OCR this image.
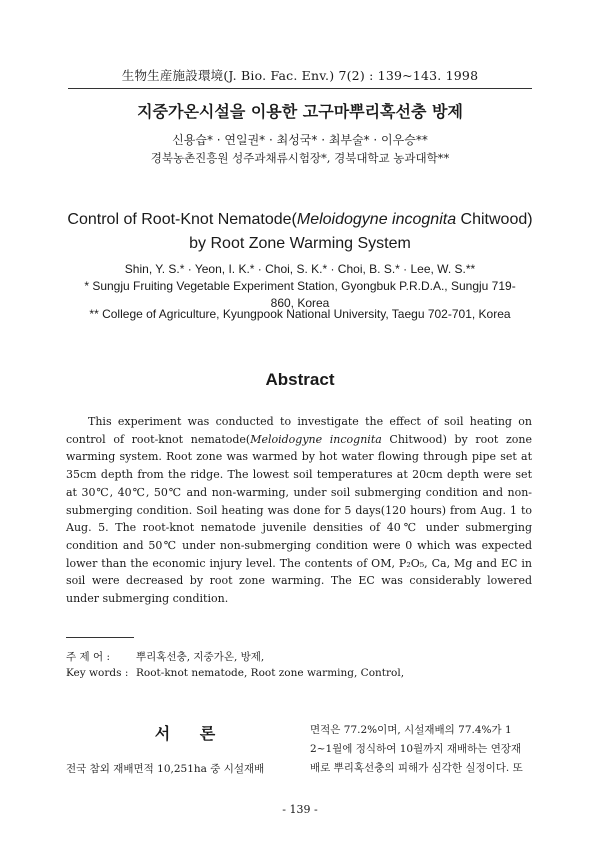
生物生産施設環境(J. Bio. Fac. Env.) 7(2) : 139~143. 1998
지중가온시설을 이용한 고구마뿌리혹선충 방제
신용습* · 연일권* · 최성국* · 최부술* · 이우승**
경북농촌진흥원 성주과채류시험장*, 경북대학교 농과대학**
Control of Root-Knot Nematode(Meloidogyne incognita Chitwood)
by Root Zone Warming System
Shin, Y. S.* · Yeon, I. K.* · Choi, S. K.* · Choi, B. S.* · Lee, W. S.**
* Sungju Fruiting Vegetable Experiment Station, Gyongbuk P.R.D.A., Sungju 719-860, Korea
** College of Agriculture, Kyungpook National University, Taegu 702-701, Korea
Abstract

This experiment was conducted to investigate the effect of soil heating on control of root-knot nematode(Meloidogyne incognita Chitwood) by root zone warming system. Root zone was warmed by hot water flowing through pipe set at 35cm depth from the ridge. The lowest soil temperatures at 20cm depth were set at 30℃, 40℃, 50℃ and non-warming, under soil submerging condition and non-submerging condition. Soil heating was done for 5 days(120 hours) from Aug. 1 to Aug. 5. The root-knot nematode juvenile densities of 40℃ under submerging condition and 50℃ under non-submerging condition were 0 which was expected lower than the economic injury level. The contents of OM, P₂O₅, Ca, Mg and EC in soil were decreased by root zone warming. The EC was considerably lowered under submerging condition.

주 제 어 : 뿌리혹선충, 지중가온, 방제,
Key words : Root-knot nematode, Root zone warming, Control,
서 론
전국 참외 재배면적 10,251ha 중 시설재배
면적은 77.2%이며, 시설재배의 77.4%가 1
2~1월에 정식하여 10월까지 재배하는 연장재
배로 뿌리혹선충의 피해가 심각한 실정이다. 또
- 139 -
